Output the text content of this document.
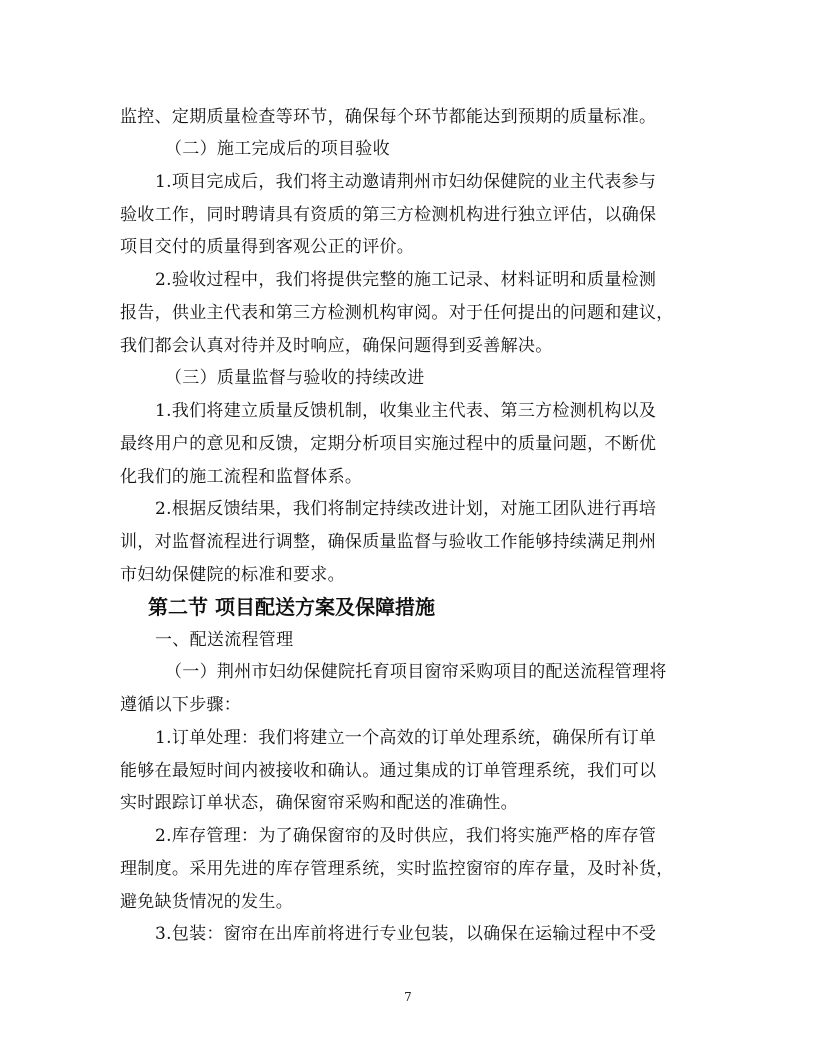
监控、定期质量检查等环节，确保每个环节都能达到预期的质量标准。
（二）施工完成后的项目验收
1.项目完成后，我们将主动邀请荆州市妇幼保健院的业主代表参与
验收工作，同时聘请具有资质的第三方检测机构进行独立评估，以确保
项目交付的质量得到客观公正的评价。
2.验收过程中，我们将提供完整的施工记录、材料证明和质量检测
报告，供业主代表和第三方检测机构审阅。对于任何提出的问题和建议，
我们都会认真对待并及时响应，确保问题得到妥善解决。
（三）质量监督与验收的持续改进
1.我们将建立质量反馈机制，收集业主代表、第三方检测机构以及
最终用户的意见和反馈，定期分析项目实施过程中的质量问题，不断优
化我们的施工流程和监督体系。
2.根据反馈结果，我们将制定持续改进计划，对施工团队进行再培
训，对监督流程进行调整，确保质量监督与验收工作能够持续满足荆州
市妇幼保健院的标准和要求。
第二节 项目配送方案及保障措施
一、配送流程管理
（一）荆州市妇幼保健院托育项目窗帘采购项目的配送流程管理将
遵循以下步骤：
1.订单处理：我们将建立一个高效的订单处理系统，确保所有订单
能够在最短时间内被接收和确认。通过集成的订单管理系统，我们可以
实时跟踪订单状态，确保窗帘采购和配送的准确性。
2.库存管理：为了确保窗帘的及时供应，我们将实施严格的库存管
理制度。采用先进的库存管理系统，实时监控窗帘的库存量，及时补货，
避免缺货情况的发生。
3.包装：窗帘在出库前将进行专业包装，以确保在运输过程中不受
7
